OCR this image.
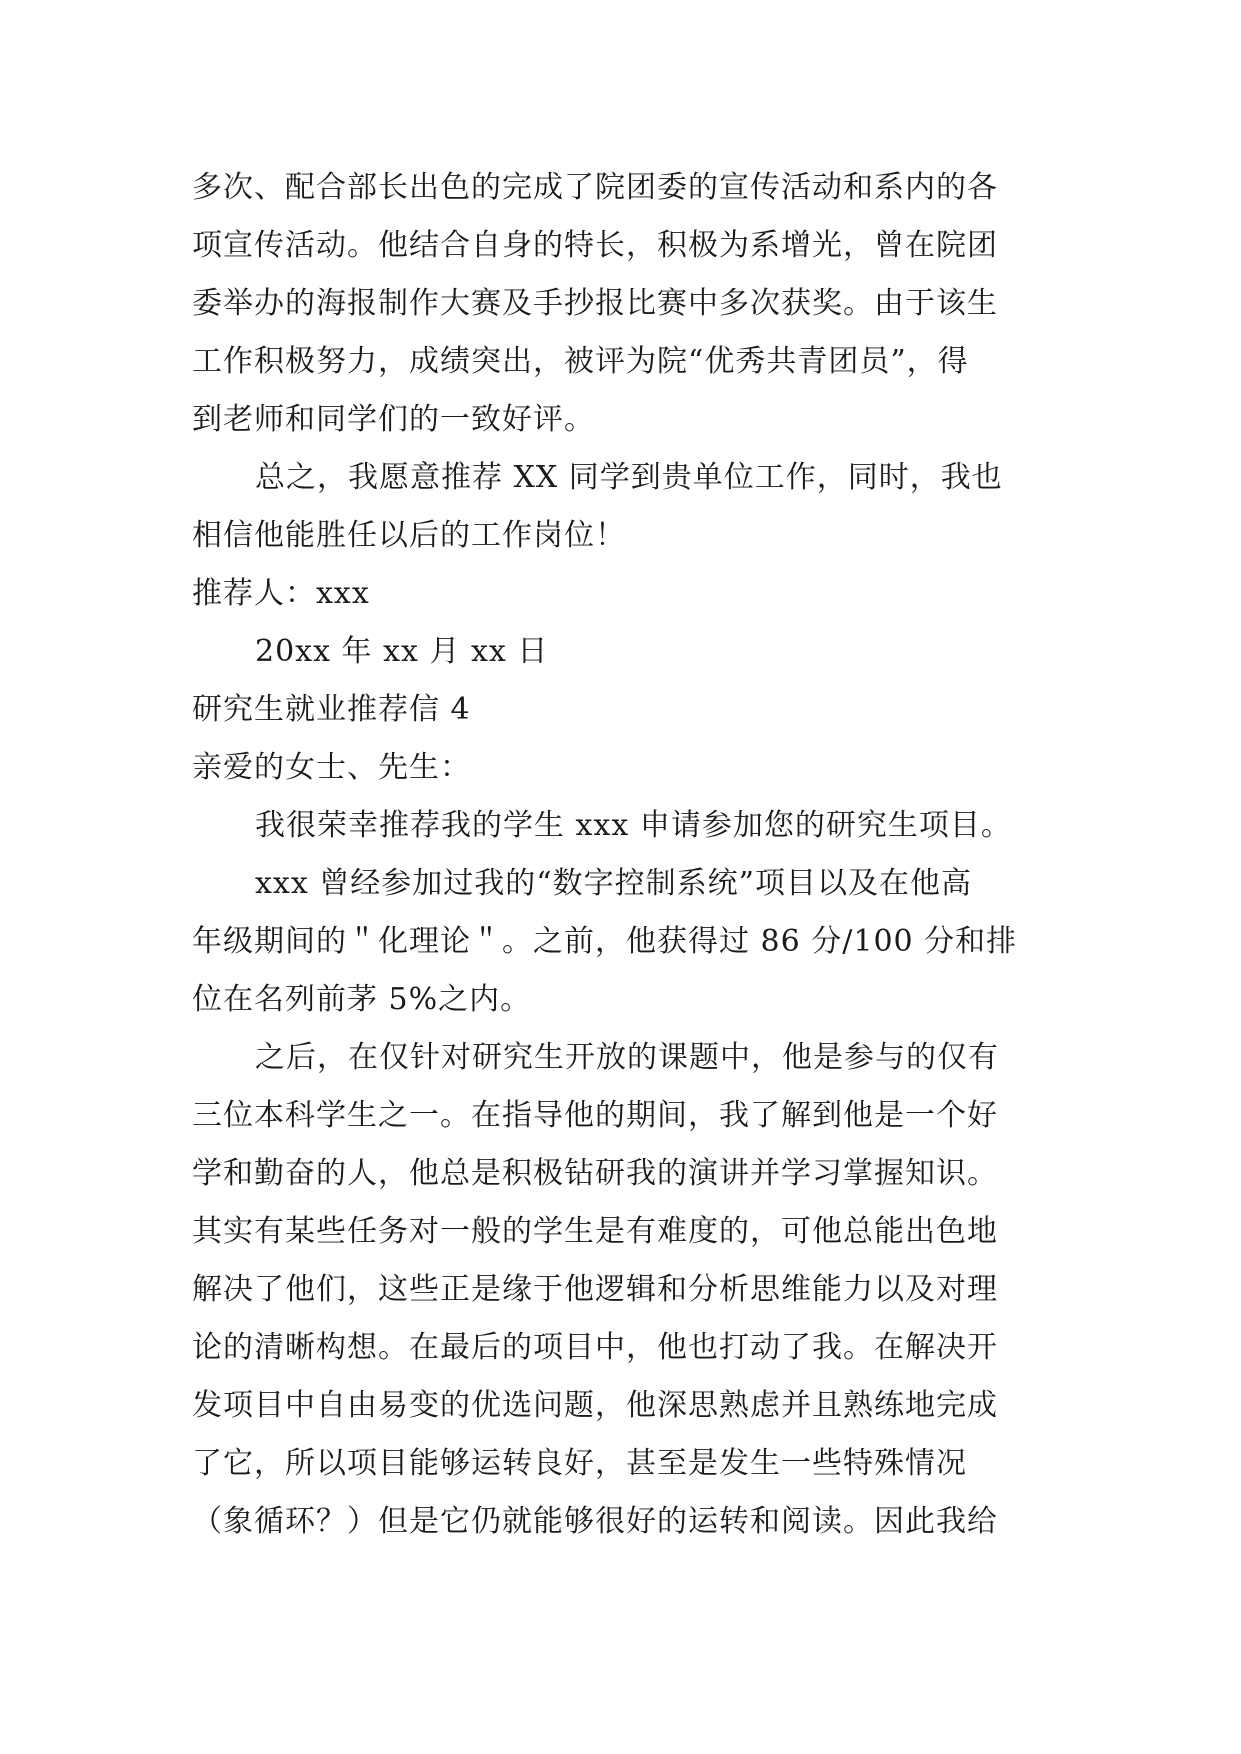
多次、配合部长出色的完成了院团委的宣传活动和系内的各
项宣传活动。他结合自身的特长，积极为系增光，曾在院团
委举办的海报制作大赛及手抄报比赛中多次获奖。由于该生
工作积极努力，成绩突出，被评为院“优秀共青团员”，得
到老师和同学们的一致好评。
总之，我愿意推荐 XX 同学到贵单位工作，同时，我也
相信他能胜任以后的工作岗位！
推荐人：xxx
20xx 年 xx 月 xx 日
研究生就业推荐信 4
亲爱的女士、先生：
我很荣幸推荐我的学生 xxx 申请参加您的研究生项目。
xxx 曾经参加过我的“数字控制系统”项目以及在他高
年级期间的＂化理论＂。之前，他获得过 86 分/100 分和排
位在名列前茅 5%之内。
之后，在仅针对研究生开放的课题中，他是参与的仅有
三位本科学生之一。在指导他的期间，我了解到他是一个好
学和勤奋的人，他总是积极钻研我的演讲并学习掌握知识。
其实有某些任务对一般的学生是有难度的，可他总能出色地
解决了他们，这些正是缘于他逻辑和分析思维能力以及对理
论的清晰构想。在最后的项目中，他也打动了我。在解决开
发项目中自由易变的优选问题，他深思熟虑并且熟练地完成
了它，所以项目能够运转良好，甚至是发生一些特殊情况
（象循环？）但是它仍就能够很好的运转和阅读。因此我给
